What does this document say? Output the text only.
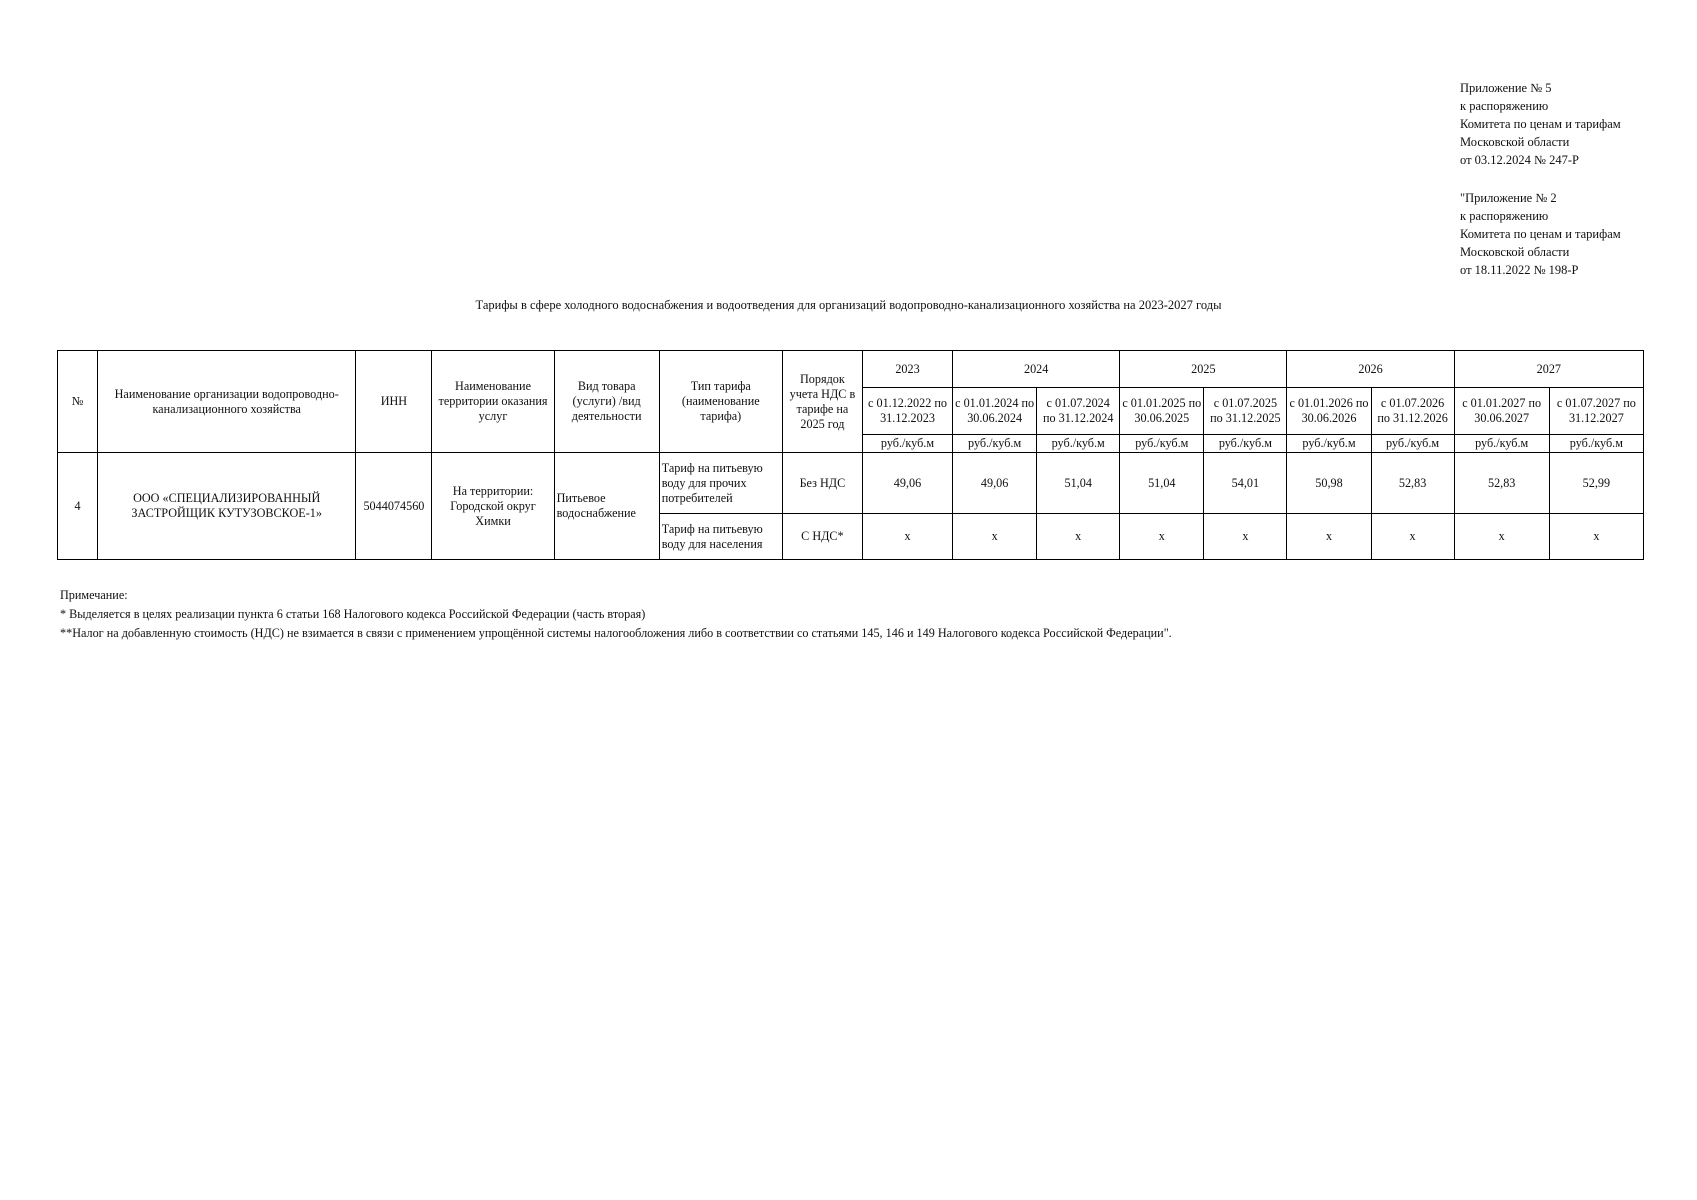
Приложение № 5
к распоряжению
Комитета по ценам и тарифам
Московской области
от 03.12.2024 № 247-Р
"Приложение № 2
к распоряжению
Комитета по ценам и тарифам
Московской области
от 18.11.2022 № 198-Р
Тарифы в сфере холодного водоснабжения и водоотведения для организаций водопроводно-канализационного хозяйства на 2023-2027 годы
№	Наименование организации водопроводно-канализационного хозяйства	ИНН	Наименование территории оказания услуг	Вид товара (услуги) /вид деятельности	Тип тарифа (наименование тарифа)	Порядок учета НДС в тарифе на 2025 год	2023	2024		2025		2026		2027	
							с 01.12.2022 по 31.12.2023	с 01.01.2024 по 30.06.2024	с 01.07.2024 по 31.12.2024	с 01.01.2025 по 30.06.2025	с 01.07.2025 по 31.12.2025	с 01.01.2026 по 30.06.2026	с 01.07.2026 по 31.12.2026	с 01.01.2027 по 30.06.2027	с 01.07.2027 по 31.12.2027
							руб./куб.м	руб./куб.м	руб./куб.м	руб./куб.м	руб./куб.м	руб./куб.м	руб./куб.м	руб./куб.м	руб./куб.м
4	ООО «СПЕЦИАЛИЗИРОВАННЫЙ ЗАСТРОЙЩИК КУТУЗОВСКОЕ-1»	5044074560	На территории: Городской округ Химки	Питьевое водоснабжение	Тариф на питьевую воду для прочих потребителей	Без НДС	49,06	49,06	51,04	51,04	54,01	50,98	52,83	52,83	52,99
					Тариф на питьевую воду для населения	С НДС*	х	х	х	х	х	х	х	х	х
Примечание:
* Выделяется в целях реализации пункта 6 статьи 168 Налогового кодекса Российской Федерации (часть вторая)
**Налог на добавленную стоимость (НДС) не взимается в связи с применением упрощённой системы налогообложения либо в соответствии со статьями 145, 146 и 149 Налогового кодекса Российской Федерации".
